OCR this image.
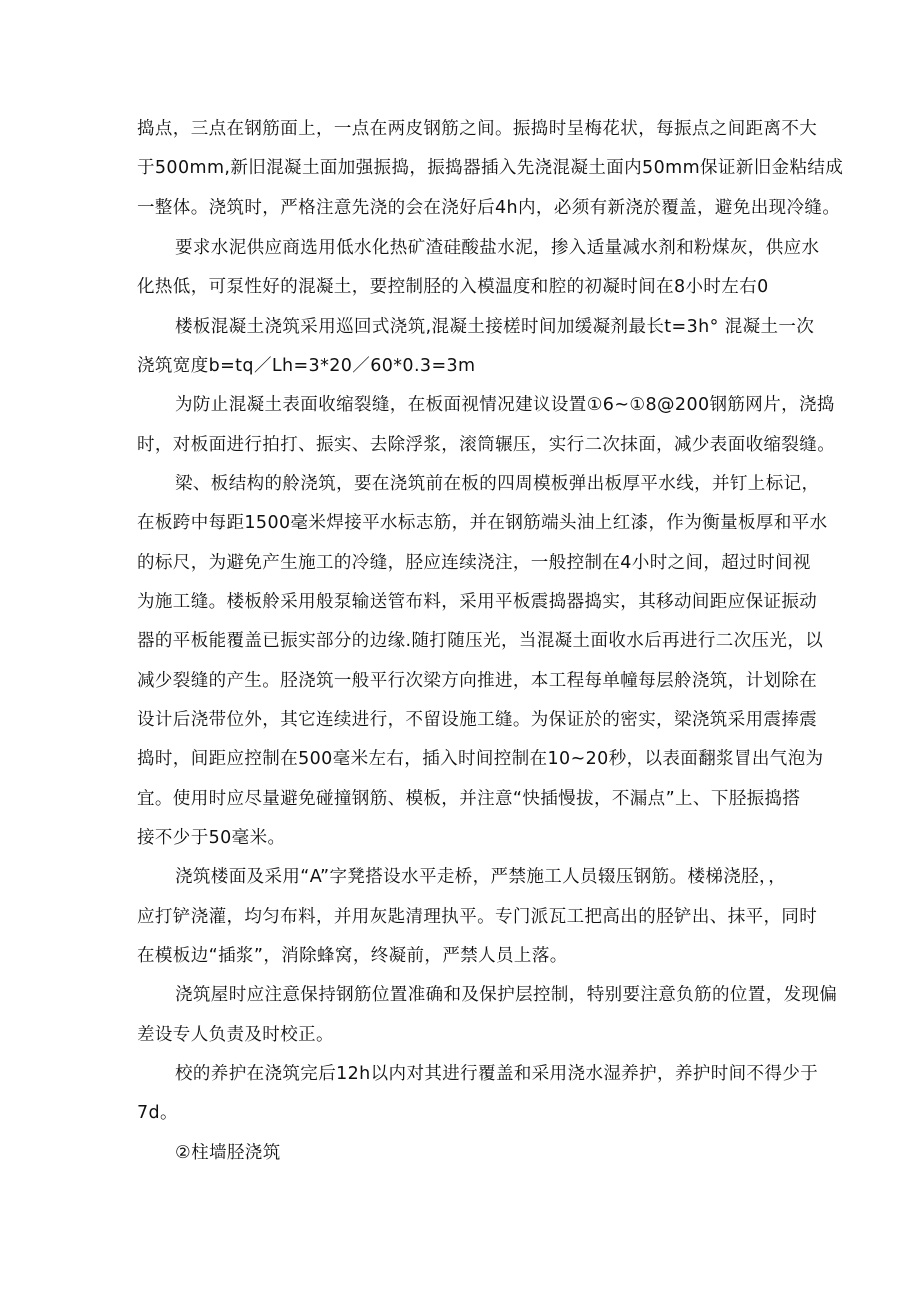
捣点，三点在钢筋面上，一点在两皮钢筋之间。振捣时呈梅花状，每振点之间距离不大
于500mm,新旧混凝土面加强振捣，振捣器插入先浇混凝土面内50mm保证新旧金粘结成
一整体。浇筑时，严格注意先浇的会在浇好后4h内，必须有新浇於覆盖，避免出现冷缝。
要求水泥供应商选用低水化热矿渣硅酸盐水泥，掺入适量减水剂和粉煤灰，供应水
化热低，可泵性好的混凝土，要控制胫的入模温度和腔的初凝时间在8小时左右0
楼板混凝土浇筑采用巡回式浇筑,混凝土接槎时间加缓凝剂最长t=3h° 混凝土一次
浇筑宽度b=tq／Lh=3*20／60*0.3=3m
为防止混凝土表面收缩裂缝，在板面视情况建议设置①6~①8@200钢筋网片，浇捣
时，对板面进行拍打、振实、去除浮浆，滚筒辗压，实行二次抹面，减少表面收缩裂缝。
梁、板结构的舲浇筑，要在浇筑前在板的四周模板弹出板厚平水线，并钉上标记，
在板跨中每距1500毫米焊接平水标志筋，并在钢筋端头油上红漆，作为衡量板厚和平水
的标尺，为避免产生施工的冷缝，胫应连续浇注，一般控制在4小时之间，超过时间视
为施工缝。楼板舲采用般泵输送管布料，采用平板震捣器捣实，其移动间距应保证振动
器的平板能覆盖已振实部分的边缘.随打随压光，当混凝土面收水后再进行二次压光，以
减少裂缝的产生。胫浇筑一般平行次梁方向推进，本工程每单幢每层舲浇筑，计划除在
设计后浇带位外，其它连续进行，不留设施工缝。为保证於的密实，梁浇筑采用震捧震
捣时，间距应控制在500毫米左右，插入时间控制在10~20秒，以表面翻浆冒出气泡为
宜。使用时应尽量避免碰撞钢筋、模板，并注意“快插慢拔，不漏点”上、下胫振捣搭
接不少于50毫米。
浇筑楼面及采用“A”字凳搭设水平走桥，严禁施工人员辍压钢筋。楼梯浇胫，，
应打铲浇灌，均匀布料，并用灰匙清理执平。专门派瓦工把高出的胫铲出、抹平，同时
在模板边“插浆”，消除蜂窝，终凝前，严禁人员上落。
浇筑屋时应注意保持钢筋位置准确和及保护层控制，特别要注意负筋的位置，发现偏
差设专人负责及时校正。
校的养护在浇筑完后12h以内对其进行覆盖和采用浇水湿养护，养护时间不得少于
7d。
②柱墙胫浇筑
